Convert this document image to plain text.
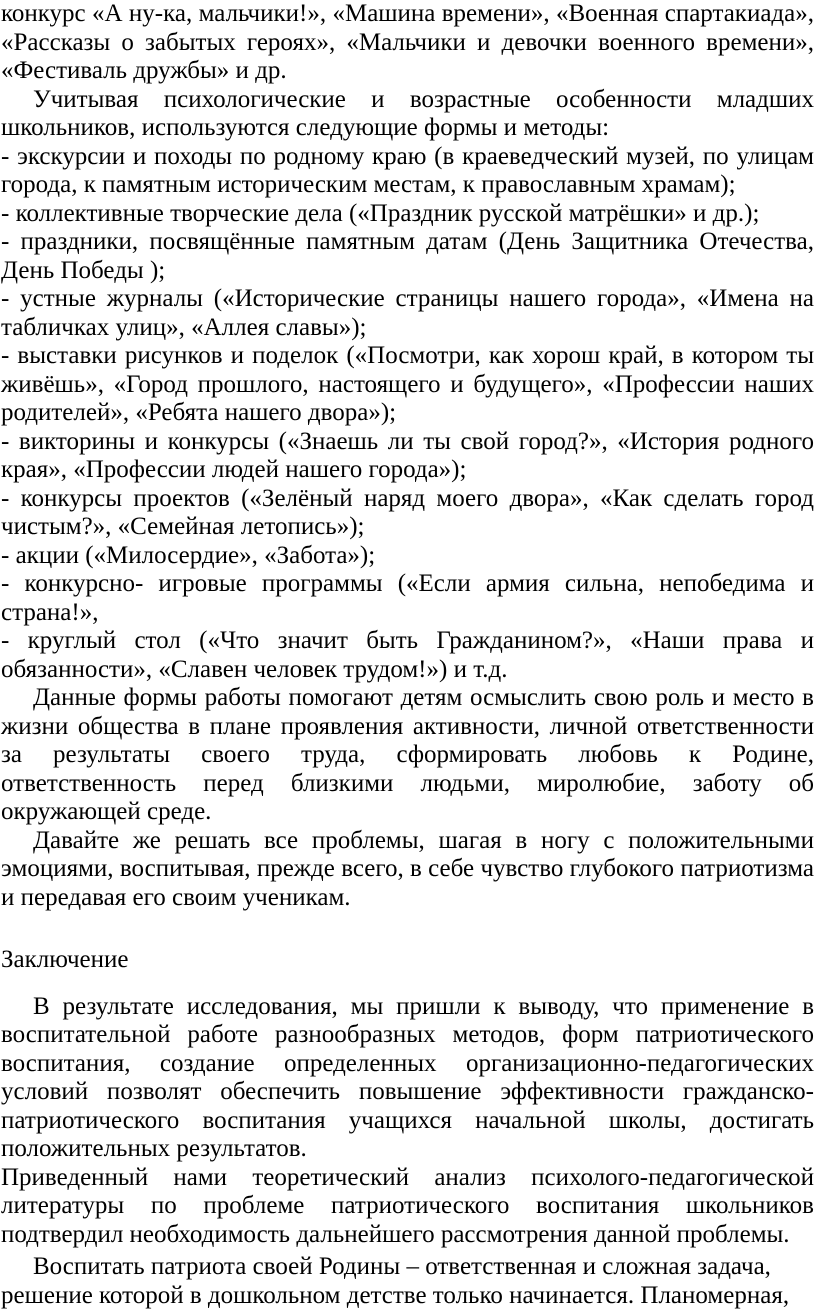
конкурс «А ну-ка, мальчики!», «Машина времени», «Военная спартакиада», «Рассказы о забытых героях», «Мальчики и девочки военного времени», «Фестиваль дружбы» и др.

Учитывая психологические и возрастные особенности младших школьников, используются следующие формы и методы:

- экскурсии и походы по родному краю (в краеведческий музей, по улицам города, к памятным историческим местам, к православным храмам);

- коллективные творческие дела («Праздник русской матрёшки» и др.);

- праздники, посвящённые памятным датам (День Защитника Отечества, День Победы );

- устные журналы («Исторические страницы нашего города», «Имена на табличках улиц», «Аллея славы»);

- выставки рисунков и поделок («Посмотри, как хорош край, в котором ты живёшь», «Город прошлого, настоящего и будущего», «Профессии наших родителей», «Ребята нашего двора»);

- викторины и конкурсы («Знаешь ли ты свой город?», «История родного края», «Профессии людей нашего города»);

- конкурсы проектов («Зелёный наряд моего двора», «Как сделать город чистым?», «Семейная летопись»);

- акции («Милосердие», «Забота»);

- конкурсно- игровые программы («Если армия сильна, непобедима и страна!»,

- круглый стол («Что значит быть Гражданином?», «Наши права и обязанности», «Славен человек трудом!») и т.д.

Данные формы работы помогают детям осмыслить свою роль и место в жизни общества в плане проявления активности, личной ответственности за результаты своего труда, сформировать любовь к Родине, ответственность перед близкими людьми, миролюбие, заботу об окружающей среде.

Давайте же решать все проблемы, шагая в ногу с положительными эмоциями, воспитывая, прежде всего, в себе чувство глубокого патриотизма и передавая его своим ученикам.

Заключение

В результате исследования, мы пришли к выводу, что применение в воспитательной работе разнообразных методов, форм патриотического воспитания, создание определенных организационно-педагогических условий позволят обеспечить повышение эффективности гражданско-патриотического воспитания учащихся начальной школы, достигать положительных результатов.

Приведенный нами теоретический анализ психолого-педагогической литературы по проблеме патриотического воспитания школьников подтвердил необходимость дальнейшего рассмотрения данной проблемы.

Воспитать патриота своей Родины – ответственная и сложная задача, решение которой в дошкольном детстве только начинается. Планомерная,
